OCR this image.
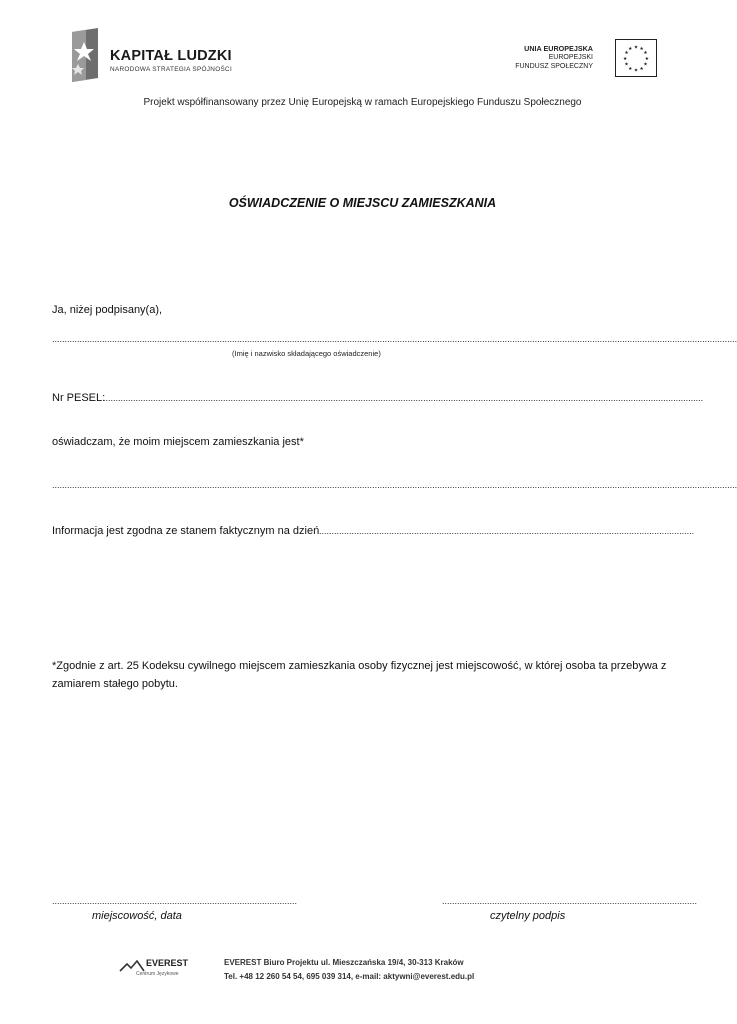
KAPITAŁ LUDZKI
NARODOWA STRATEGIA SPÓJNOŚCI
UNIA EUROPEJSKA
EUROPEJSKI
FUNDUSZ SPOŁECZNY
★ ★
★
★
★
★
★
★
★
★
★
★
Projekt współfinansowany przez Unię Europejską w ramach Europejskiego Funduszu Społecznego
OŚWIADCZENIE O MIEJSCU ZAMIESZKANIA
Ja, niżej podpisany(a),
..................................................................................................................................................................................................................................................................................
(Imię i nazwisko składającego oświadczenie)
Nr PESEL:
................................................................................................................................................................................................................................................
oświadczam, że moim miejscem zamieszkania jest*
..................................................................................................................................................................................................................................................................................
Informacja jest zgodna ze stanem faktycznym na dzień ......................................................................................................................................................
*Zgodnie z art. 25 Kodeksu cywilnego miejscem zamieszkania osoby fizycznej jest miejscowość, w której osoba ta przebywa z zamiarem stałego pobytu.
..................................................................................................
miejscowość, data
......................................................................................................
czytelny podpis
EVEREST
Centrum Językowe
EVEREST Biuro Projektu ul. Mieszczańska 19/4, 30-313 Kraków
Tel. +48 12 260 54 54, 695 039 314, e-mail: aktywni@everest.edu.pl
